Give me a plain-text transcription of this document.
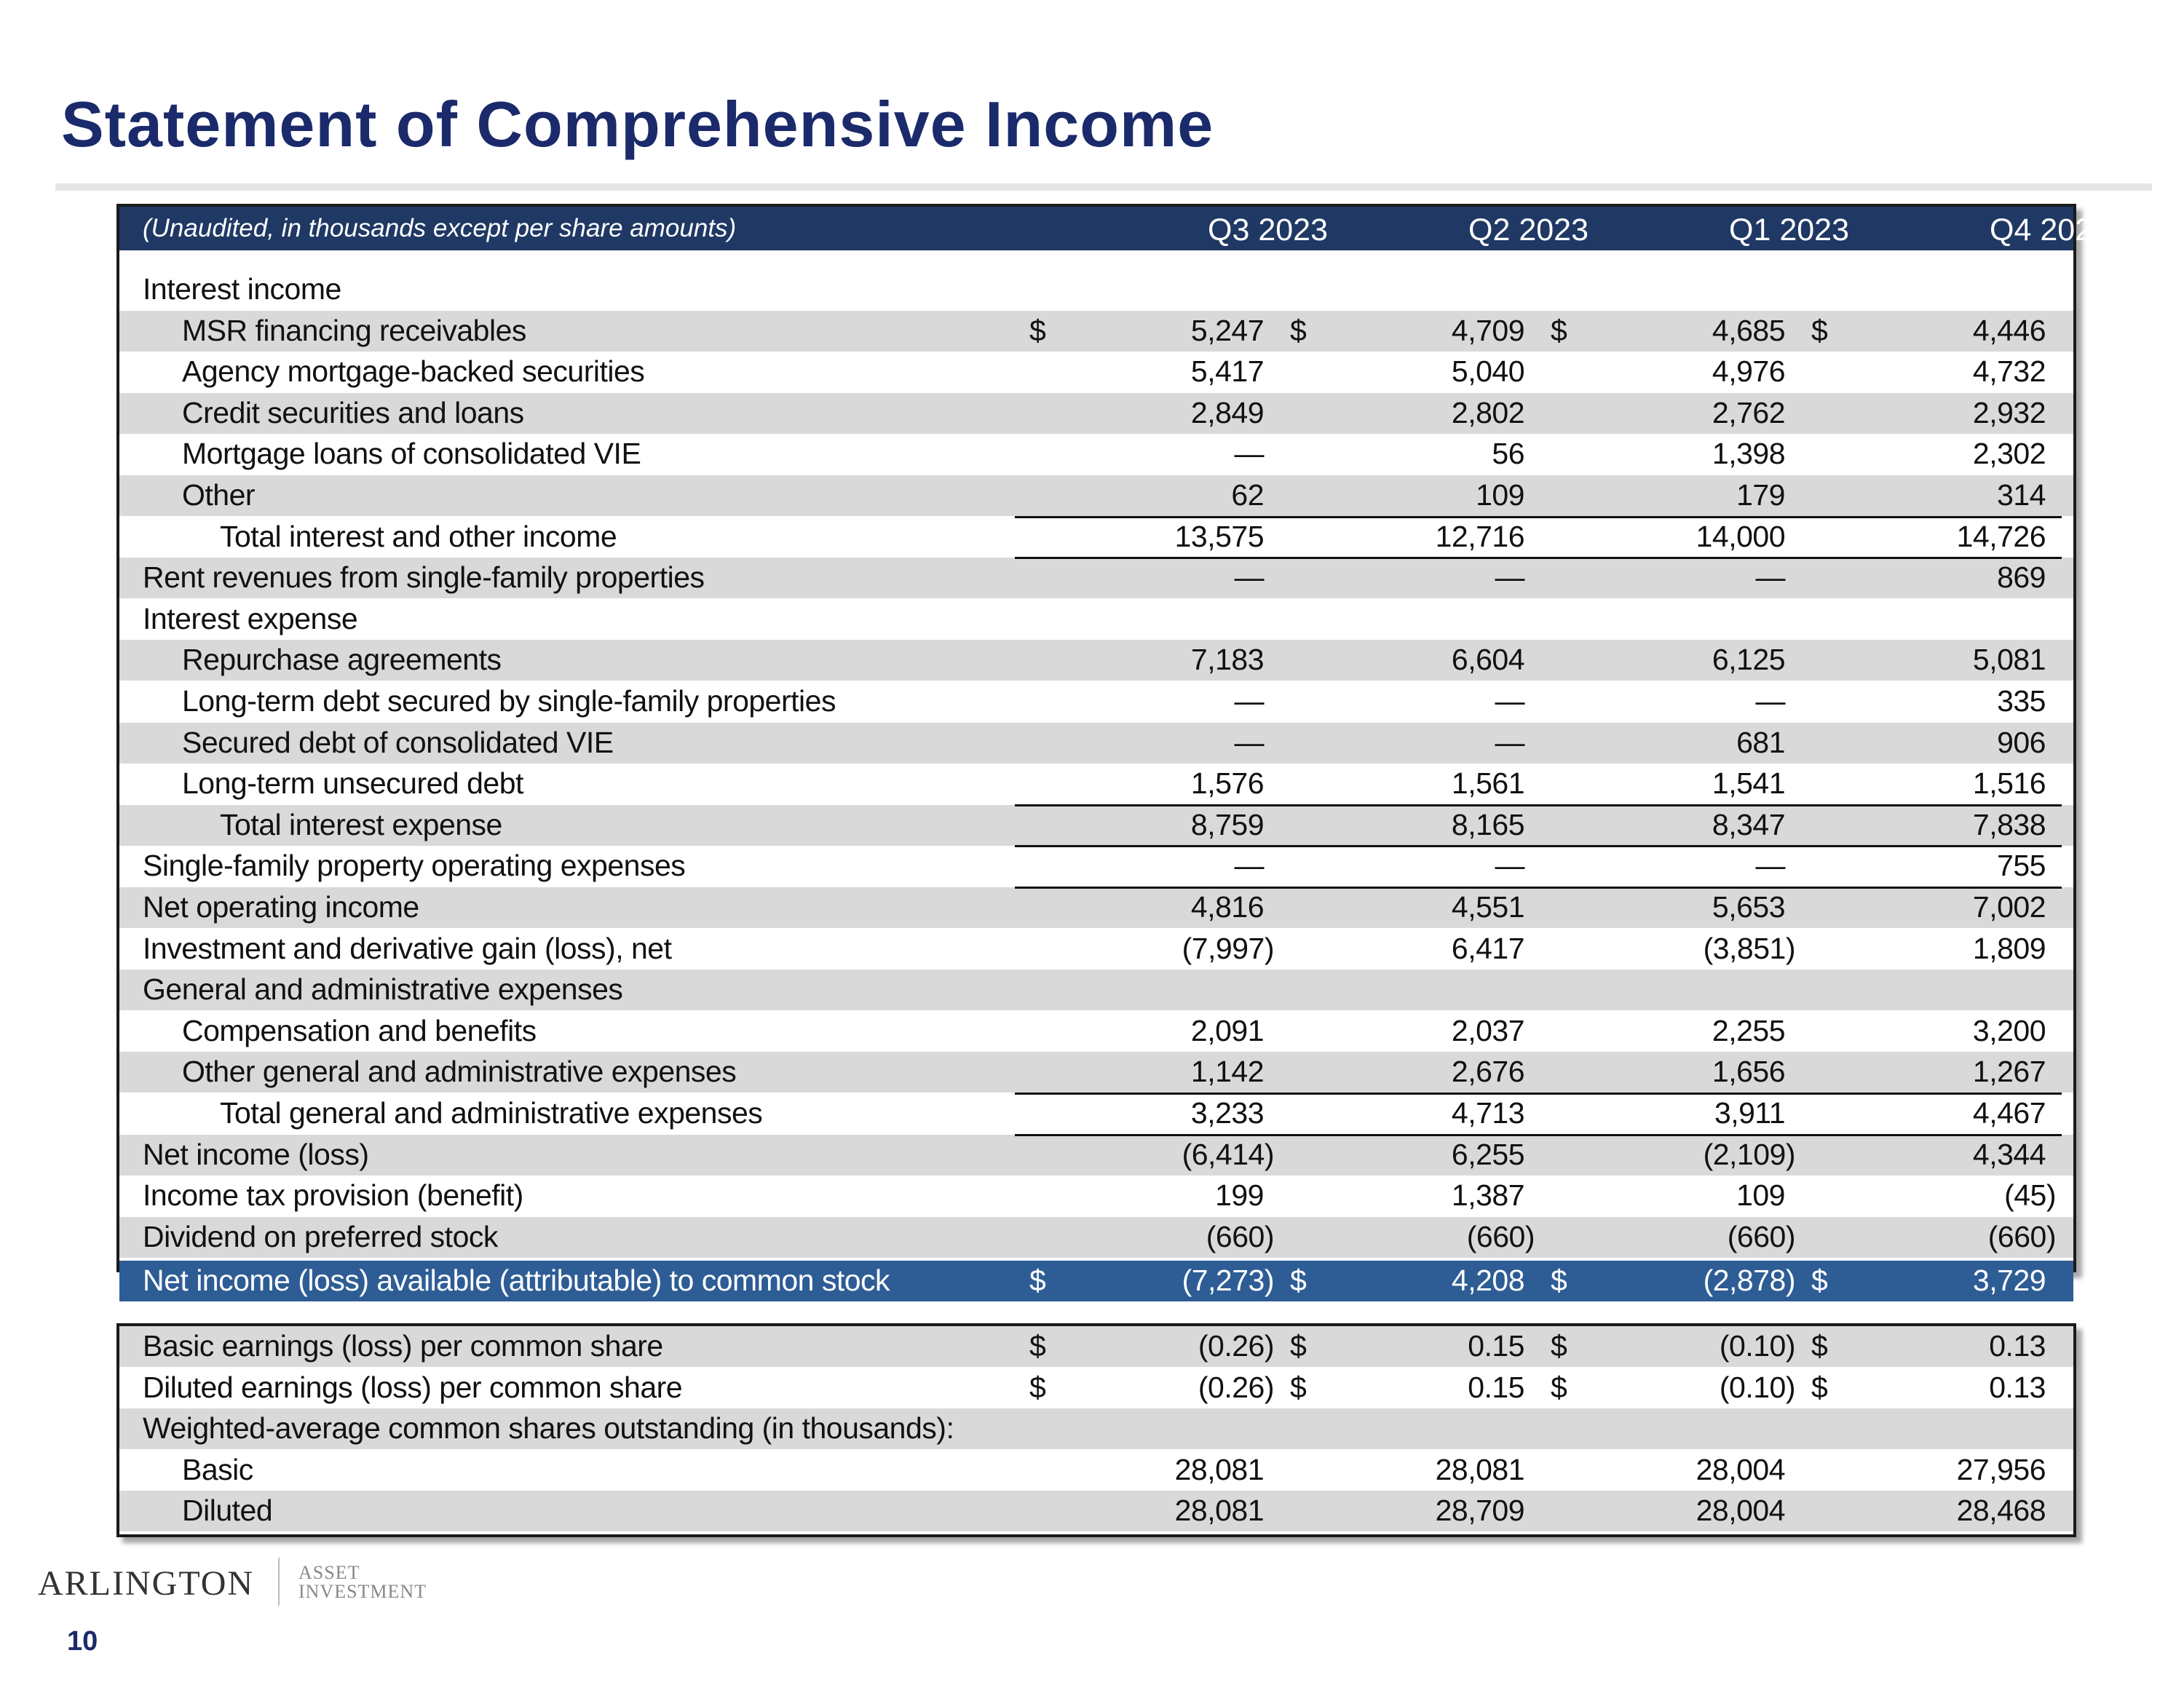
Statement of Comprehensive Income
(Unaudited, in thousands except per share amounts)	Q3 2023	Q2 2023	Q1 2023	Q4 2022
Interest income
MSR financing receivables	$	5,247 $	4,709 $	4,685 $	4,446
Agency mortgage-backed securities	5,417	5,040	4,976	4,732
Credit securities and loans	2,849	2,802	2,762	2,932
Mortgage loans of consolidated VIE	—	56	1,398	2,302
Other	62	109	179	314
Total interest and other income	13,575	12,716	14,000	14,726
Rent revenues from single-family properties	—	—	—	869
Interest expense
Repurchase agreements	7,183	6,604	6,125	5,081
Long-term debt secured by single-family properties	—	—	—	335
Secured debt of consolidated VIE	—	—	681	906
Long-term unsecured debt	1,576	1,561	1,541	1,516
Total interest expense	8,759	8,165	8,347	7,838
Single-family property operating expenses	—	—	—	755
Net operating income	4,816	4,551	5,653	7,002
Investment and derivative gain (loss), net	(7,997)	6,417	(3,851)	1,809
General and administrative expenses
Compensation and benefits	2,091	2,037	2,255	3,200
Other general and administrative expenses	1,142	2,676	1,656	1,267
Total general and administrative expenses	3,233	4,713	3,911	4,467
Net income (loss)	(6,414)	6,255	(2,109)	4,344
Income tax provision (benefit)	199	1,387	109	(45)
Dividend on preferred stock	(660)	(660)	(660)	(660)
Net income (loss) available (attributable) to common stock	$	(7,273) $	4,208 $	(2,878) $	3,729
Basic earnings (loss) per common share	$	(0.26) $	0.15 $	(0.10) $	0.13
Diluted earnings (loss) per common share	$	(0.26) $	0.15 $	(0.10) $	0.13
Weighted-average common shares outstanding (in thousands):
Basic	28,081	28,081	28,004	27,956
Diluted	28,081	28,709	28,004	28,468
ARLINGTON ASSET
INVESTMENT
10
